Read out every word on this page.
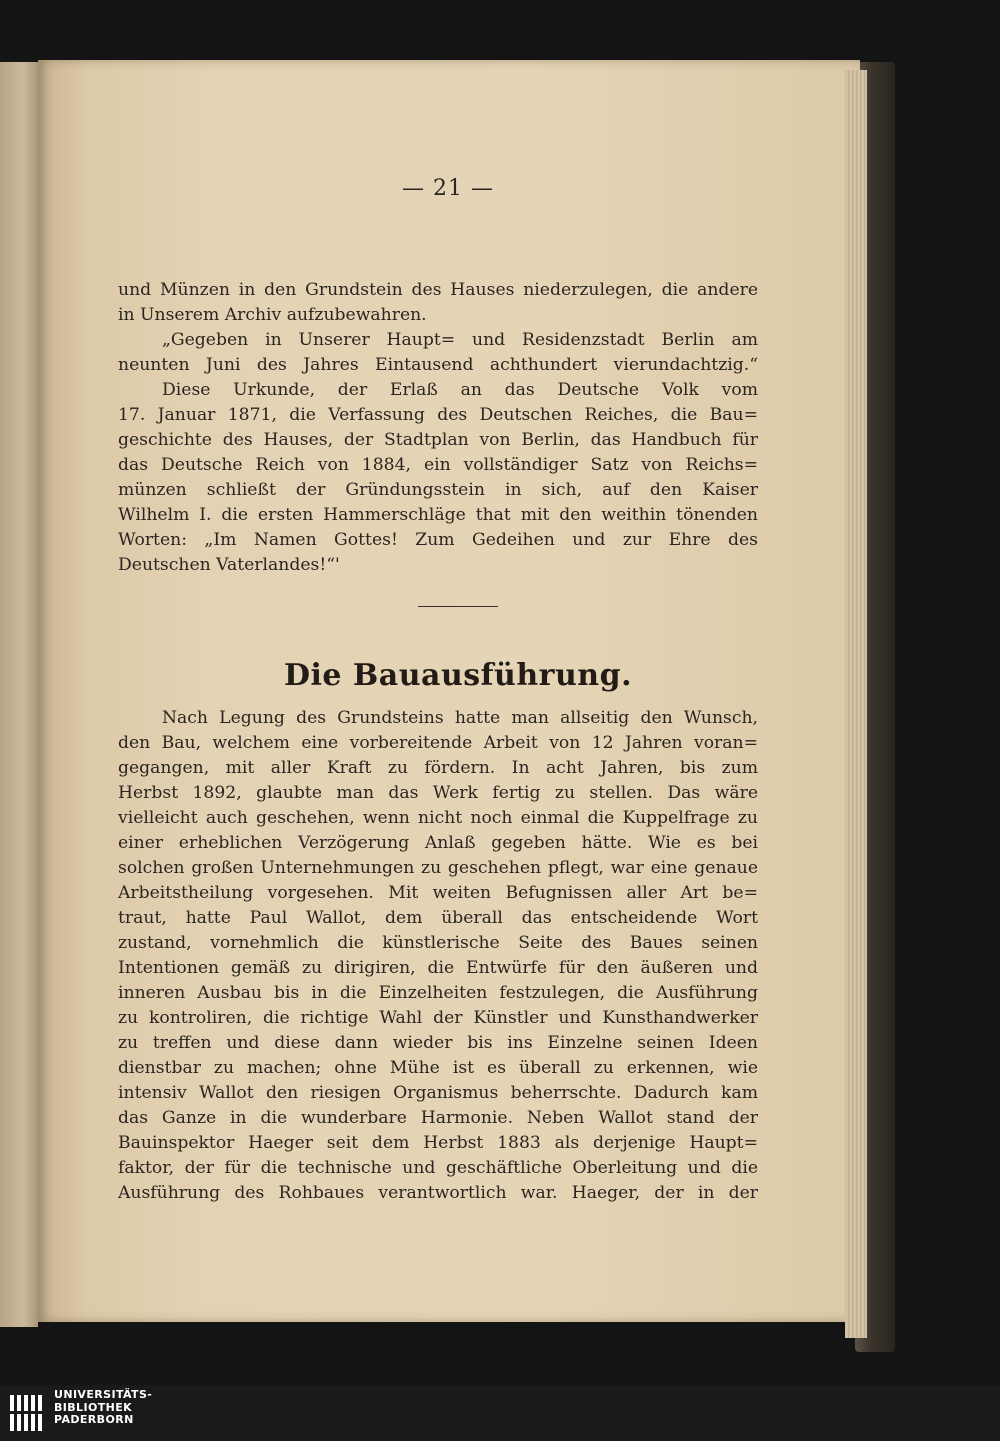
— 21 —
und Münzen in den Grundstein des Hauses niederzulegen, die andere
in Unserem Archiv aufzubewahren.
„Gegeben in Unserer Haupt= und Residenzstadt Berlin am
neunten Juni des Jahres Eintausend achthundert vierundachtzig.“
Diese Urkunde, der Erlaß an das Deutsche Volk vom
17. Januar 1871, die Verfassung des Deutschen Reiches, die Bau=
geschichte des Hauses, der Stadtplan von Berlin, das Handbuch für
das Deutsche Reich von 1884, ein vollständiger Satz von Reichs=
münzen schließt der Gründungsstein in sich, auf den Kaiser
Wilhelm I. die ersten Hammerschläge that mit den weithin tönenden
Worten: „Im Namen Gottes! Zum Gedeihen und zur Ehre des
Deutschen Vaterlandes!“'
Die Bauausführung.
Nach Legung des Grundsteins hatte man allseitig den Wunsch,
den Bau, welchem eine vorbereitende Arbeit von 12 Jahren voran=
gegangen, mit aller Kraft zu fördern. In acht Jahren, bis zum
Herbst 1892, glaubte man das Werk fertig zu stellen. Das wäre
vielleicht auch geschehen, wenn nicht noch einmal die Kuppelfrage zu
einer erheblichen Verzögerung Anlaß gegeben hätte. Wie es bei
solchen großen Unternehmungen zu geschehen pflegt, war eine genaue
Arbeitstheilung vorgesehen. Mit weiten Befugnissen aller Art be=
traut, hatte Paul Wallot, dem überall das entscheidende Wort
zustand, vornehmlich die künstlerische Seite des Baues seinen
Intentionen gemäß zu dirigiren, die Entwürfe für den äußeren und
inneren Ausbau bis in die Einzelheiten festzulegen, die Ausführung
zu kontroliren, die richtige Wahl der Künstler und Kunsthandwerker
zu treffen und diese dann wieder bis ins Einzelne seinen Ideen
dienstbar zu machen; ohne Mühe ist es überall zu erkennen, wie
intensiv Wallot den riesigen Organismus beherrschte. Dadurch kam
das Ganze in die wunderbare Harmonie. Neben Wallot stand der
Bauinspektor Haeger seit dem Herbst 1883 als derjenige Haupt=
faktor, der für die technische und geschäftliche Oberleitung und die
Ausführung des Rohbaues verantwortlich war. Haeger, der in der
UNIVERSITÄTS-
BIBLIOTHEK
PADERBORN
